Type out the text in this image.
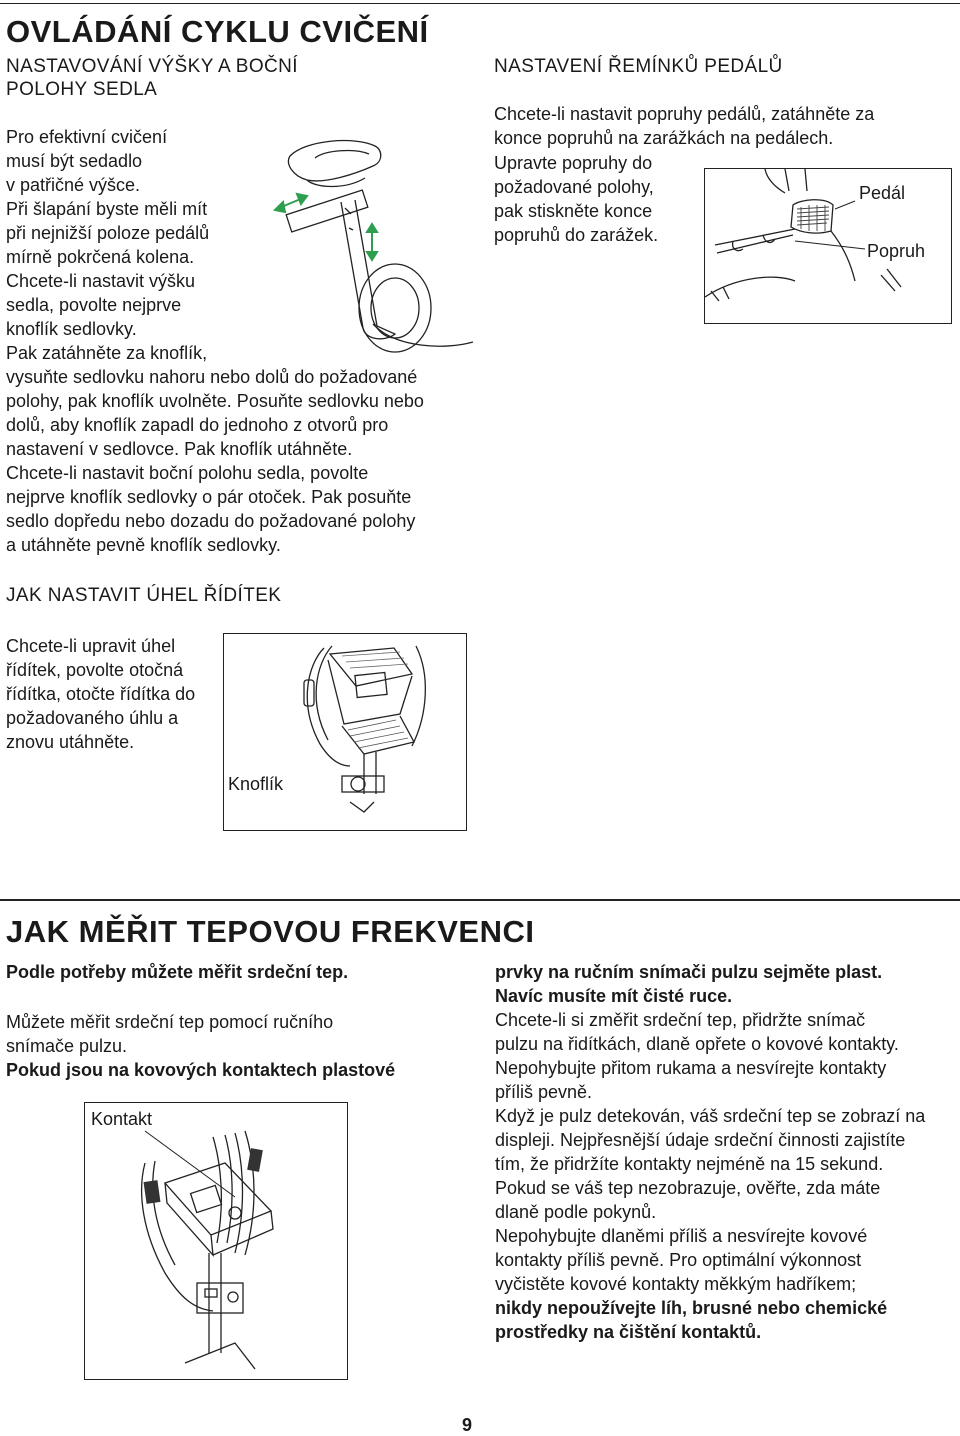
OVLÁDÁNÍ CYKLU CVIČENÍ
NASTAVOVÁNÍ VÝŠKY A BOČNÍ
POLOHY SEDLA
Pro efektivní cvičení
musí být sedadlo
v patřičné výšce.
Při šlapání byste měli mít
při nejnižší poloze pedálů
mírně pokrčená kolena.
Chcete-li nastavit výšku
sedla, povolte nejprve
knoflík sedlovky.
Pak zatáhněte za knoflík,
vysuňte sedlovku nahoru nebo dolů do požadované
polohy, pak knoflík uvolněte. Posuňte sedlovku nebo
dolů, aby knoflík zapadl do jednoho z otvorů pro
nastavení v sedlovce. Pak knoflík utáhněte.
Chcete-li nastavit boční polohu sedla, povolte
nejprve knoflík sedlovky o pár otoček. Pak posuňte
sedlo dopředu nebo dozadu do požadované polohy
a utáhněte pevně knoflík sedlovky.
NASTAVENÍ ŘEMÍNKŮ PEDÁLŮ
Chcete-li nastavit popruhy pedálů, zatáhněte za
konce popruhů na zarážkách na pedálech.
Upravte popruhy do
požadované polohy,
pak stiskněte konce
popruhů do zarážek.
Pedál
Popruh
JAK NASTAVIT ÚHEL ŘÍDÍTEK
Chcete-li upravit úhel
řídítek, povolte otočná
řídítka, otočte řídítka do
požadovaného úhlu a
znovu utáhněte.
Knoflík
JAK MĚŘIT TEPOVOU FREKVENCI
Podle potřeby můžete měřit srdeční tep.
Můžete měřit srdeční tep pomocí ručního
snímače pulzu.
Pokud jsou na kovových kontaktech plastové
Kontakt
prvky na ručním snímači pulzu sejměte plast.
Navíc musíte mít čisté ruce.
Chcete-li si změřit srdeční tep, přidržte snímač
pulzu na řidítkách, dlaně opřete o kovové kontakty.
Nepohybujte přitom rukama a nesvírejte kontakty
příliš pevně.
Když je pulz detekován, váš srdeční tep se zobrazí na
displeji. Nejpřesnější údaje srdeční činnosti zajistíte
tím, že přidržíte kontakty nejméně na 15 sekund.
Pokud se váš tep nezobrazuje, ověřte, zda máte
dlaně podle pokynů.
Nepohybujte dlaněmi příliš a nesvírejte kovové
kontakty příliš pevně. Pro optimální výkonnost
vyčistěte kovové kontakty měkkým hadříkem;
nikdy nepoužívejte líh, brusné nebo chemické
prostředky na čištění kontaktů.
9
